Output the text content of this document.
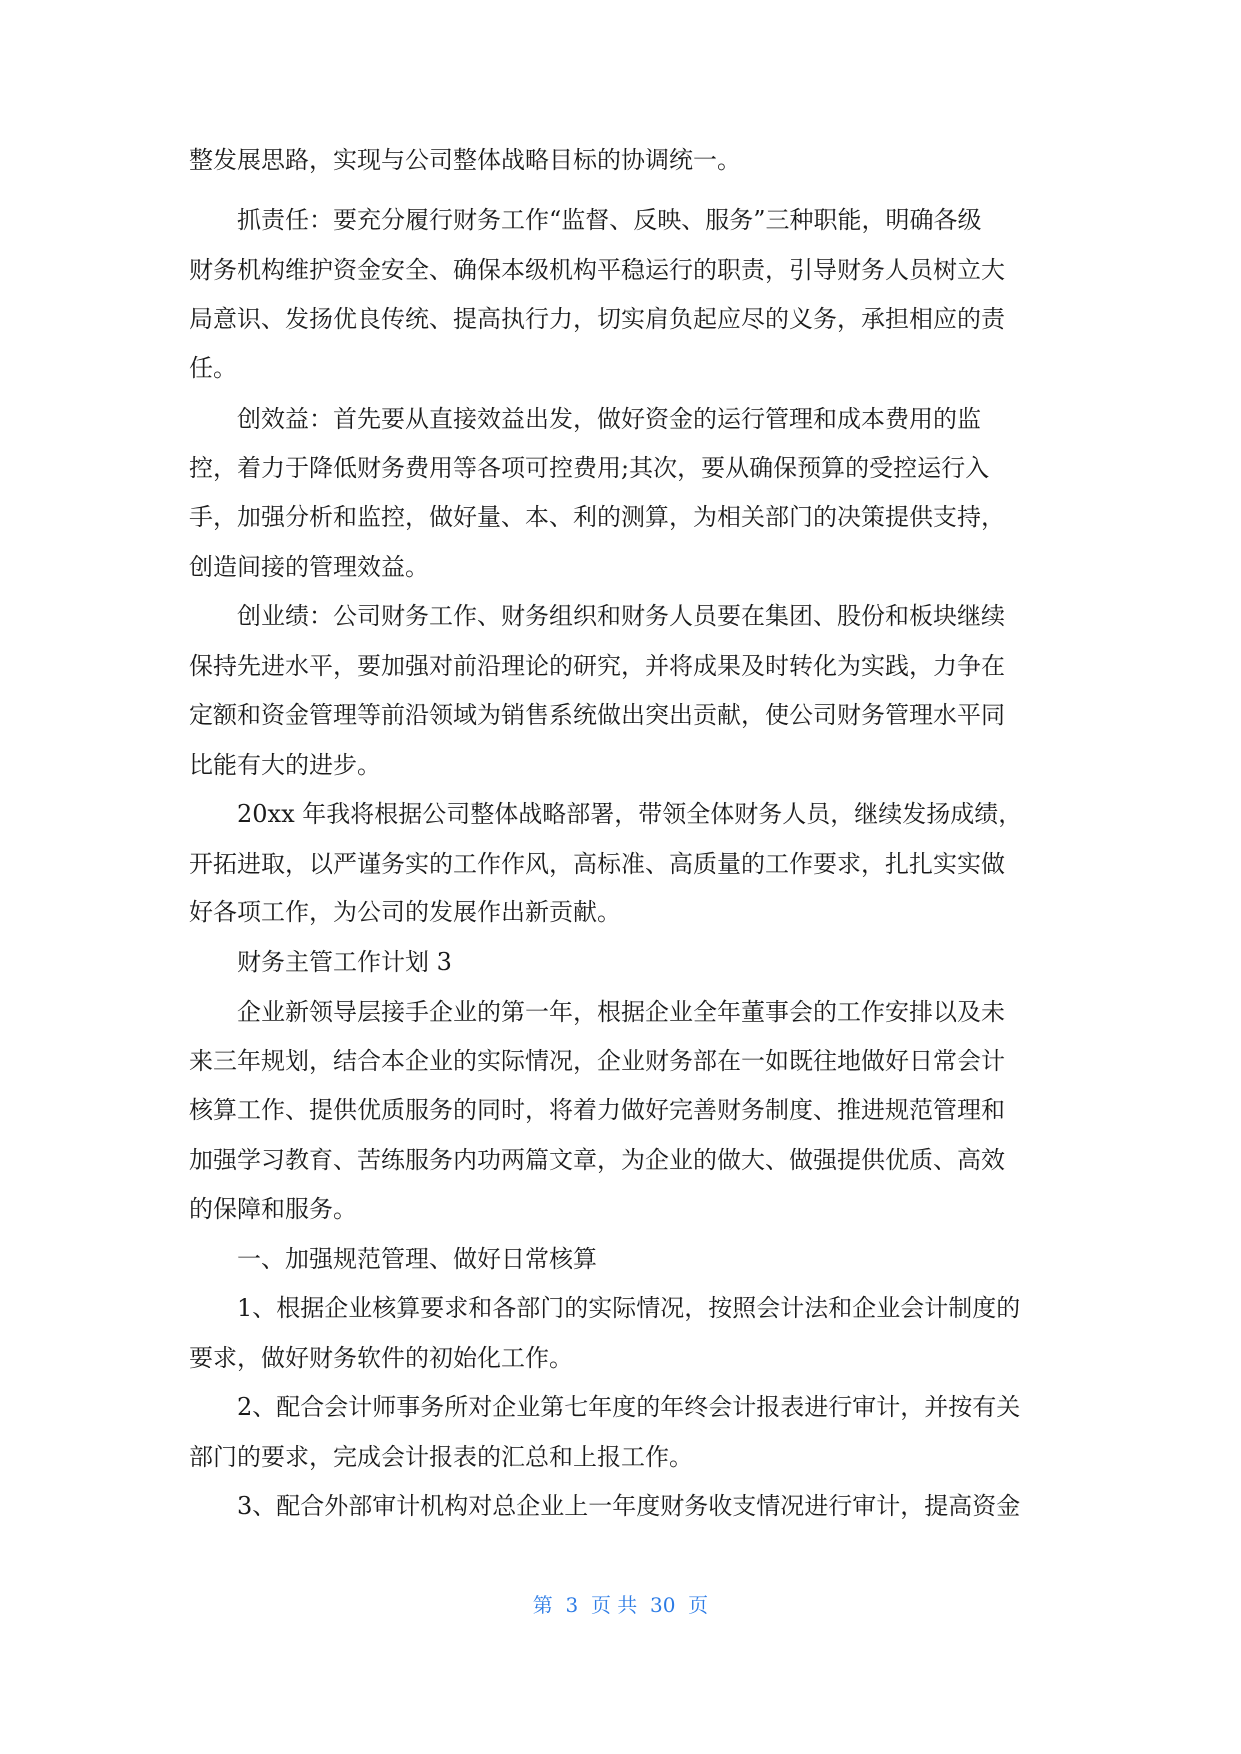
整发展思路，实现与公司整体战略目标的协调统一。
抓责任：要充分履行财务工作“监督、反映、服务”三种职能，明确各级
财务机构维护资金安全、确保本级机构平稳运行的职责，引导财务人员树立大
局意识、发扬优良传统、提高执行力，切实肩负起应尽的义务，承担相应的责
任。
创效益：首先要从直接效益出发，做好资金的运行管理和成本费用的监
控，着力于降低财务费用等各项可控费用;其次，要从确保预算的受控运行入
手，加强分析和监控，做好量、本、利的测算，为相关部门的决策提供支持，
创造间接的管理效益。
创业绩：公司财务工作、财务组织和财务人员要在集团、股份和板块继续
保持先进水平，要加强对前沿理论的研究，并将成果及时转化为实践，力争在
定额和资金管理等前沿领域为销售系统做出突出贡献，使公司财务管理水平同
比能有大的进步。
20xx 年我将根据公司整体战略部署，带领全体财务人员，继续发扬成绩，
开拓进取，以严谨务实的工作作风，高标准、高质量的工作要求，扎扎实实做
好各项工作，为公司的发展作出新贡献。
财务主管工作计划 3
企业新领导层接手企业的第一年，根据企业全年董事会的工作安排以及未
来三年规划，结合本企业的实际情况，企业财务部在一如既往地做好日常会计
核算工作、提供优质服务的同时，将着力做好完善财务制度、推进规范管理和
加强学习教育、苦练服务内功两篇文章，为企业的做大、做强提供优质、高效
的保障和服务。
一、加强规范管理、做好日常核算
1、根据企业核算要求和各部门的实际情况，按照会计法和企业会计制度的
要求，做好财务软件的初始化工作。
2、配合会计师事务所对企业第七年度的年终会计报表进行审计，并按有关
部门的要求，完成会计报表的汇总和上报工作。
3、配合外部审计机构对总企业上一年度财务收支情况进行审计，提高资金
第  3  页 共  30  页
